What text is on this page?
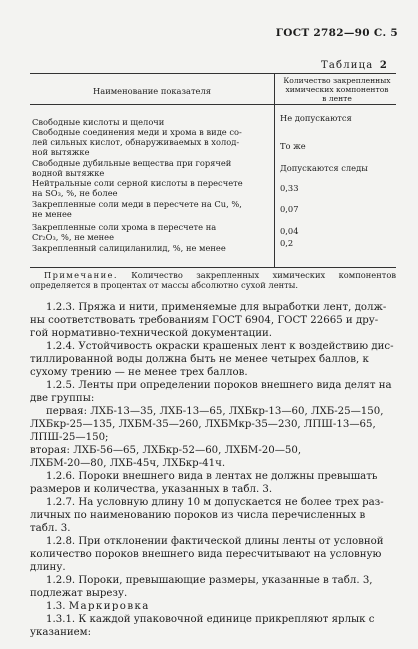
ГОСТ 2782—90 С. 5
Таблица 2
Наименование показателя
Количество закрепленных
химических компонентов
в ленте
Свободные кислоты и щелочи	Не допускаются
Свободные соединения меди и хрома в виде со-
лей сильных кислот, обнаруживаемых в холод-
ной вытяжке
То же
Свободные дубильные вещества при горячей
водной вытяжке
Допускаются следы
Нейтральные соли серной кислоты в пересчете
на SO₃, %, не более
0,33
Закрепленные соли меди в пересчете на Cu, %,
не менее
0,07
Закрепленные соли хрома в пересчете на
Cr₂O₃, %, не менее
0,04
Закрепленный салициланилид, %, не менее	0,2
Примечание. Количество закрепленных химических компонентов определяется в процентах от массы абсолютно сухой ленты.
1.2.3. Пряжа и нити, применяемые для выработки лент, долж-
ны соответствовать требованиям ГОСТ 6904, ГОСТ 22665 и дру-
гой нормативно-технической документации.
1.2.4. Устойчивость окраски крашеных лент к воздействию дис-
тиллированной воды должна быть не менее четырех баллов, к
сухому трению — не менее трех баллов.
1.2.5. Ленты при определении пороков внешнего вида делят на
две группы:
первая: ЛХБ-13—35, ЛХБ-13—65, ЛХБкр-13—60, ЛХБ-25—150,
ЛХБкр-25—135, ЛХБМ-35—260, ЛХБМкр-35—230, ЛПШ-13—65,
ЛПШ-25—150;
вторая: ЛХБ-56—65, ЛХБкр-52—60, ЛХБМ-20—50,
ЛХБМ-20—80, ЛХБ-45ч, ЛХБкр-41ч.
1.2.6. Пороки внешнего вида в лентах не должны превышать
размеров и количества, указанных в табл. 3.
1.2.7. На условную длину 10 м допускается не более трех раз-
личных по наименованию пороков из числа перечисленных в
табл. 3.
1.2.8. При отклонении фактической длины ленты от условной
количество пороков внешнего вида пересчитывают на условную
длину.
1.2.9. Пороки, превышающие размеры, указанные в табл. 3,
подлежат вырезу.
1.3. Маркировка
1.3.1. К каждой упаковочной единице прикрепляют ярлык с
указанием:
